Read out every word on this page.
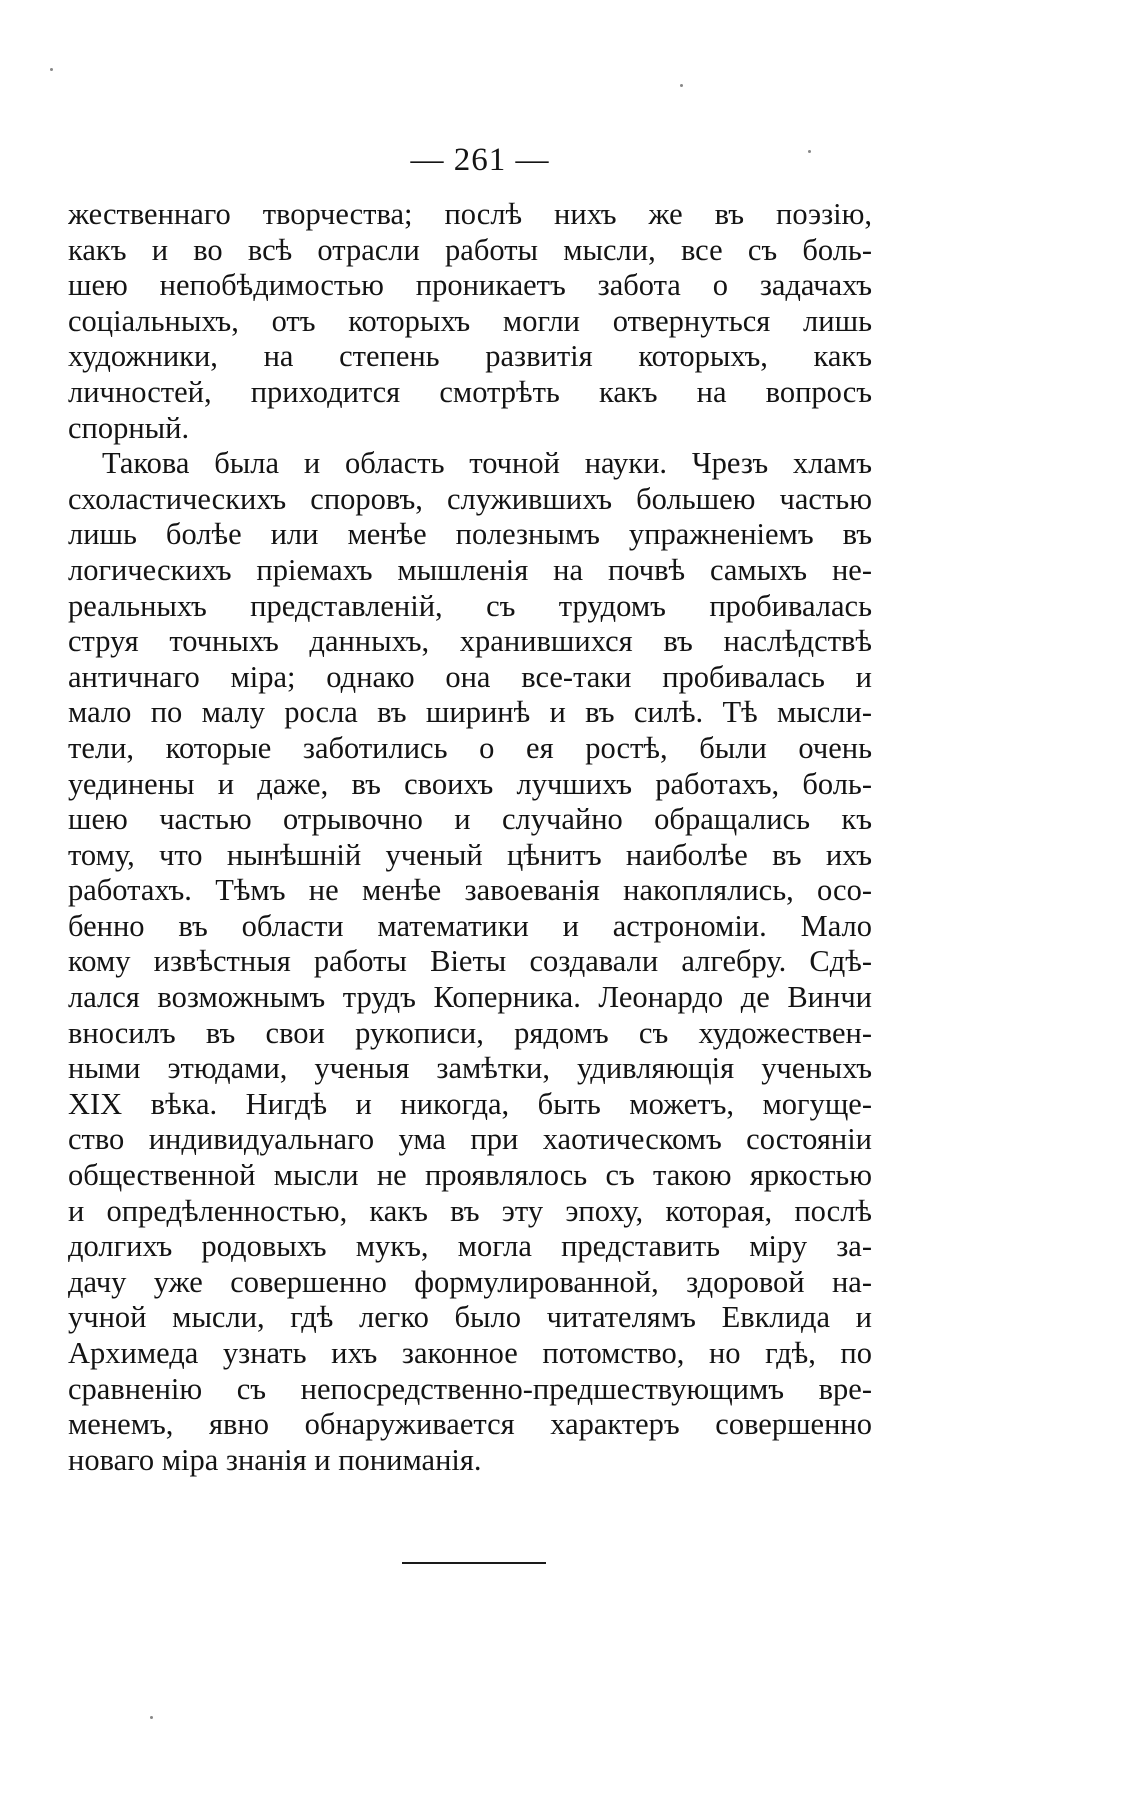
— 261 —
жественнаго творчества; послѣ нихъ же въ поэзію,
какъ и во всѣ отрасли работы мысли, все съ боль-
шею непобѣдимостью проникаетъ забота о задачахъ
соціальныхъ, отъ которыхъ могли отвернуться лишь
художники, на степень развитія которыхъ, какъ
личностей, приходится смотрѣть какъ на вопросъ
спорный.
Такова была и область точной науки. Чрезъ хламъ
схоластическихъ споровъ, служившихъ большею частью
лишь болѣе или менѣе полезнымъ упражненіемъ въ
логическихъ пріемахъ мышленія на почвѣ самыхъ не-
реальныхъ представленій, съ трудомъ пробивалась
струя точныхъ данныхъ, хранившихся въ наслѣдствѣ
античнаго міра; однако она все-таки пробивалась и
мало по малу росла въ ширинѣ и въ силѣ. Тѣ мысли-
тели, которые заботились о ея ростѣ, были очень
уединены и даже, въ своихъ лучшихъ работахъ, боль-
шею частью отрывочно и случайно обращались къ
тому, что нынѣшній ученый цѣнитъ наиболѣе въ ихъ
работахъ. Тѣмъ не менѣе завоеванія накоплялись, осо-
бенно въ области математики и астрономіи. Мало
кому извѣстныя работы Віеты создавали алгебру. Сдѣ-
лался возможнымъ трудъ Коперника. Леонардо де Винчи
вносилъ въ свои рукописи, рядомъ съ художествен-
ными этюдами, ученыя замѣтки, удивляющія ученыхъ
XIX вѣка. Нигдѣ и никогда, быть можетъ, могуще-
ство индивидуальнаго ума при хаотическомъ состояніи
общественной мысли не проявлялось съ такою яркостью
и опредѣленностью, какъ въ эту эпоху, которая, послѣ
долгихъ родовыхъ мукъ, могла представить міру за-
дачу уже совершенно формулированной, здоровой на-
учной мысли, гдѣ легко было читателямъ Евклида и
Архимеда узнать ихъ законное потомство, но гдѣ, по
сравненію съ непосредственно-предшествующимъ вре-
менемъ, явно обнаруживается характеръ совершенно
новаго міра знанія и пониманія.
